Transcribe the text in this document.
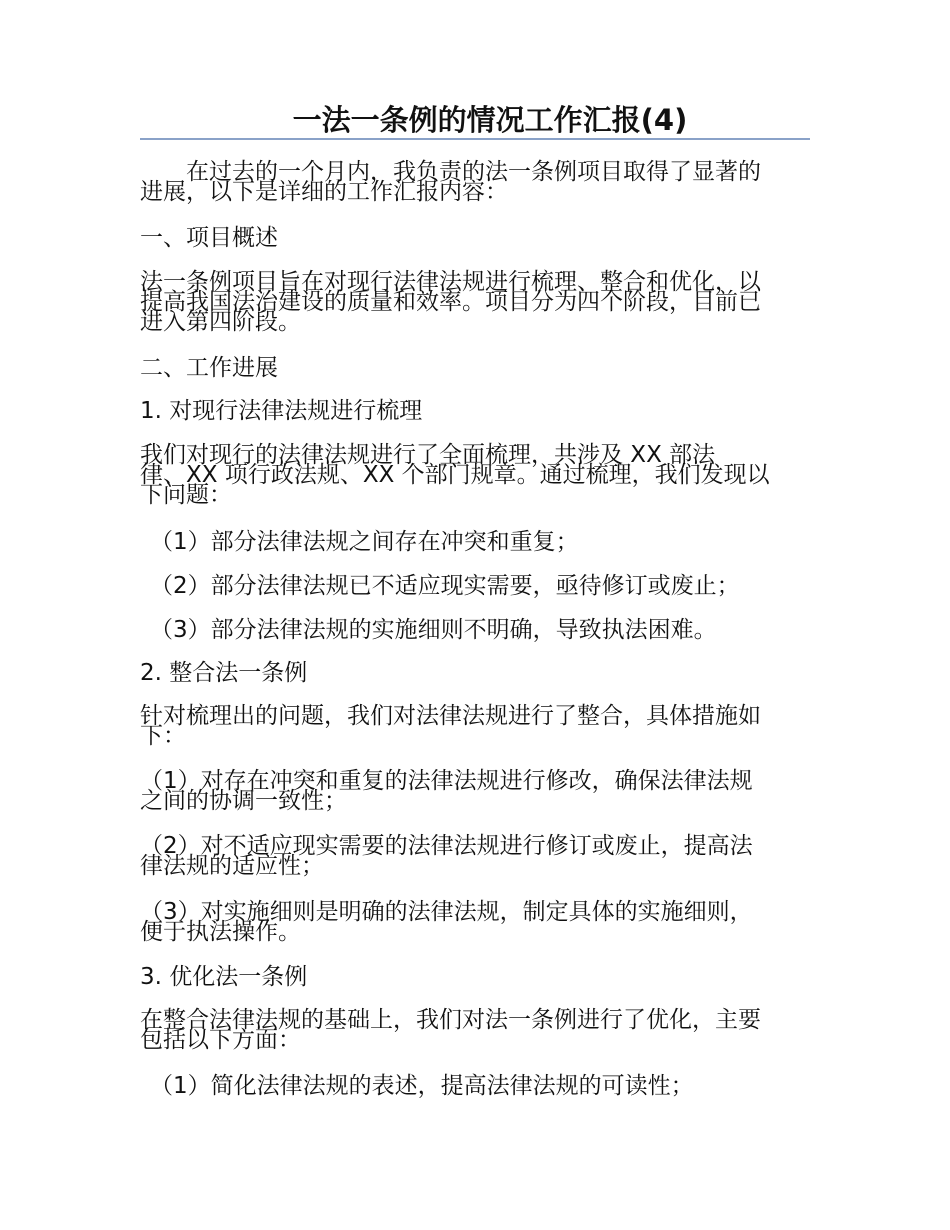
一法一条例的情况工作汇报(4)

　　在过去的一个月内，我负责的法一条例项目取得了显著的

进展，以下是详细的工作汇报内容：

一、项目概述

法一条例项目旨在对现行法律法规进行梳理、整合和优化，以

提高我国法治建设的质量和效率。项目分为四个阶段，目前已

进入第四阶段。

二、工作进展

1. 对现行法律法规进行梳理

我们对现行的法律法规进行了全面梳理，共涉及 XX 部法

律、XX 项行政法规、XX 个部门规章。通过梳理，我们发现以

下问题：

（1）部分法律法规之间存在冲突和重复；

（2）部分法律法规已不适应现实需要，亟待修订或废止；

（3）部分法律法规的实施细则不明确，导致执法困难。

2. 整合法一条例

针对梳理出的问题，我们对法律法规进行了整合，具体措施如

下：

（1）对存在冲突和重复的法律法规进行修改，确保法律法规

之间的协调一致性；

（2）对不适应现实需要的法律法规进行修订或废止，提高法

律法规的适应性；

（3）对实施细则是明确的法律法规，制定具体的实施细则，

便于执法操作。

3. 优化法一条例

在整合法律法规的基础上，我们对法一条例进行了优化，主要

包括以下方面：

（1）简化法律法规的表述，提高法律法规的可读性；
